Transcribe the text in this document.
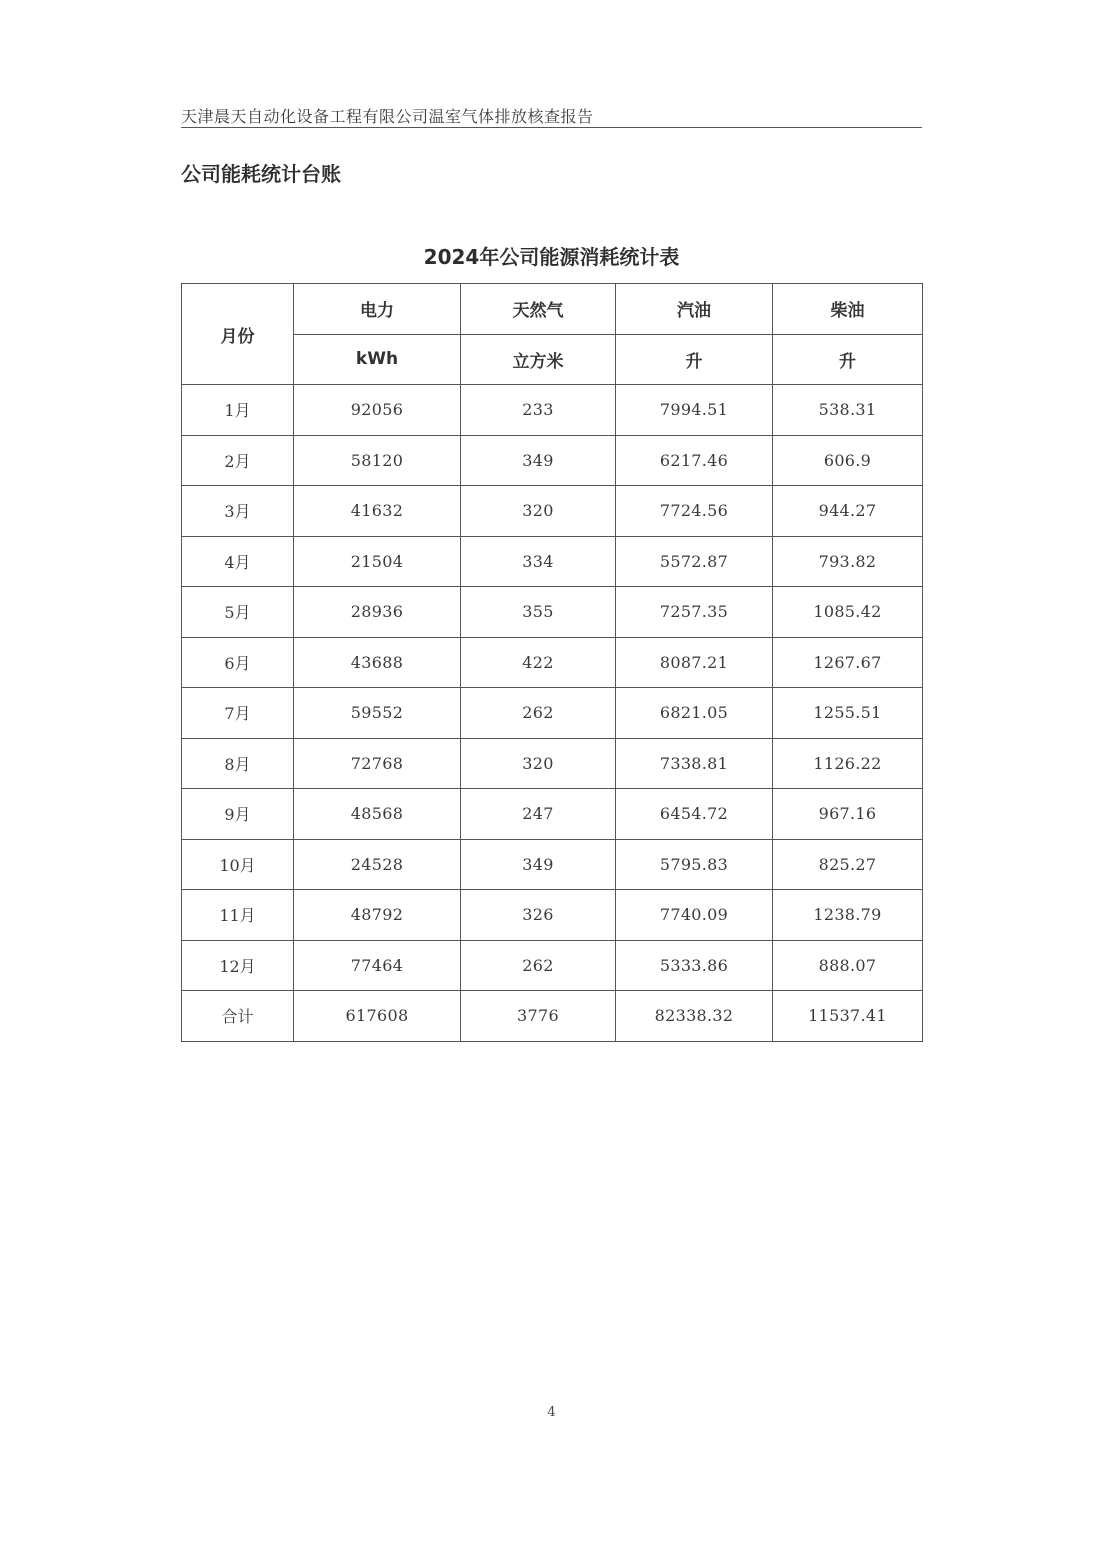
天津晨天自动化设备工程有限公司温室气体排放核查报告
公司能耗统计台账
2024年公司能源消耗统计表
月份	电力	天然气	汽油	柴油
	kWh	立方米	升	升
1月	92056	233	7994.51	538.31
2月	58120	349	6217.46	606.9
3月	41632	320	7724.56	944.27
4月	21504	334	5572.87	793.82
5月	28936	355	7257.35	1085.42
6月	43688	422	8087.21	1267.67
7月	59552	262	6821.05	1255.51
8月	72768	320	7338.81	1126.22
9月	48568	247	6454.72	967.16
10月	24528	349	5795.83	825.27
11月	48792	326	7740.09	1238.79
12月	77464	262	5333.86	888.07
合计	617608	3776	82338.32	11537.41
4
